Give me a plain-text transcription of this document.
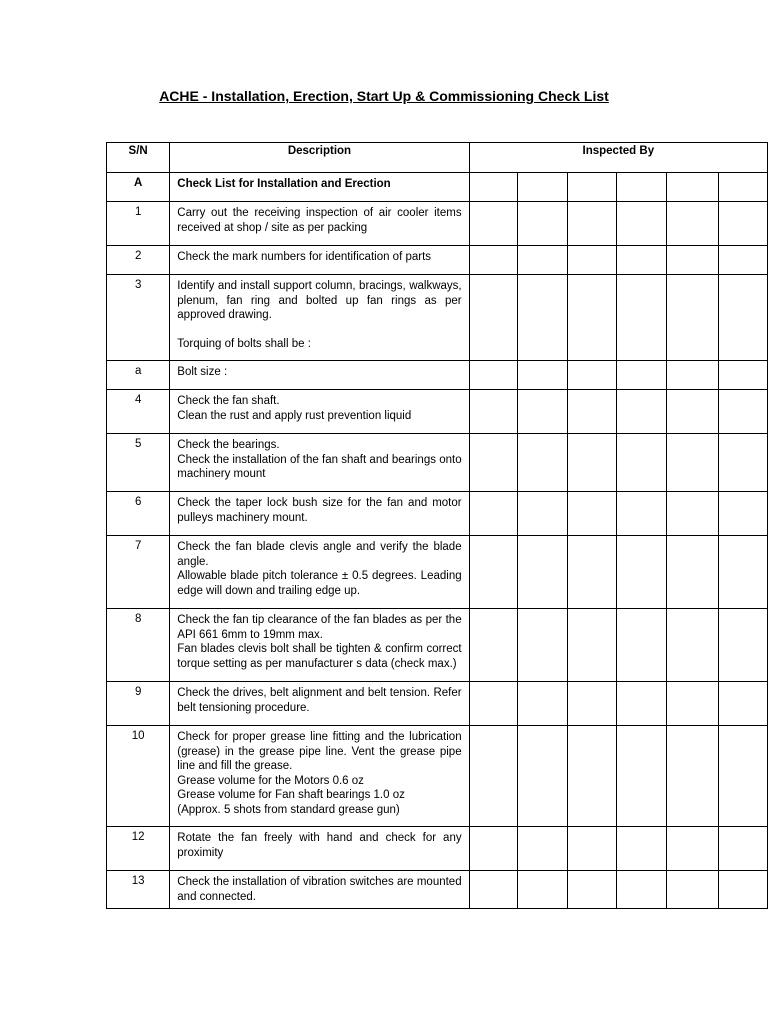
ACHE - Installation, Erection, Start Up & Commissioning Check List
S/N	Description	Inspected By					
A	Check List for Installation and Erection						

1	Carry out the receiving inspection of air cooler items received at shop / site as per packing						

2	Check the mark numbers for identification of parts						

3	Identify and install support column, bracings, walkways, plenum, fan ring and bolted up fan rings as per approved drawing.

Torquing of bolts shall be :						

a	Bolt size :						

4	Check the fan shaft.
Clean the rust and apply rust prevention liquid						

5	Check the bearings.
Check the installation of the fan shaft and bearings onto machinery mount						

6	Check the taper lock bush size for the fan and motor pulleys machinery mount.						

7	Check the fan blade clevis angle and verify the blade angle.
Allowable blade pitch tolerance ± 0.5 degrees. Leading edge will down and trailing edge up.						

8	Check the fan tip clearance of the fan blades as per the API 661 6mm to 19mm max.
Fan blades clevis bolt shall be tighten & confirm correct torque setting as per manufacturer s data (check max.)						

9	Check the drives, belt alignment and belt tension. Refer belt tensioning procedure.						

10	Check for proper grease line fitting and the lubrication (grease) in the grease pipe line. Vent the grease pipe line and fill the grease.
Grease volume for the Motors 0.6 oz
Grease volume for Fan shaft bearings 1.0 oz
(Approx. 5 shots from standard grease gun)						

12	Rotate the fan freely with hand and check for any proximity						

13	Check the installation of vibration switches are mounted and connected.						
